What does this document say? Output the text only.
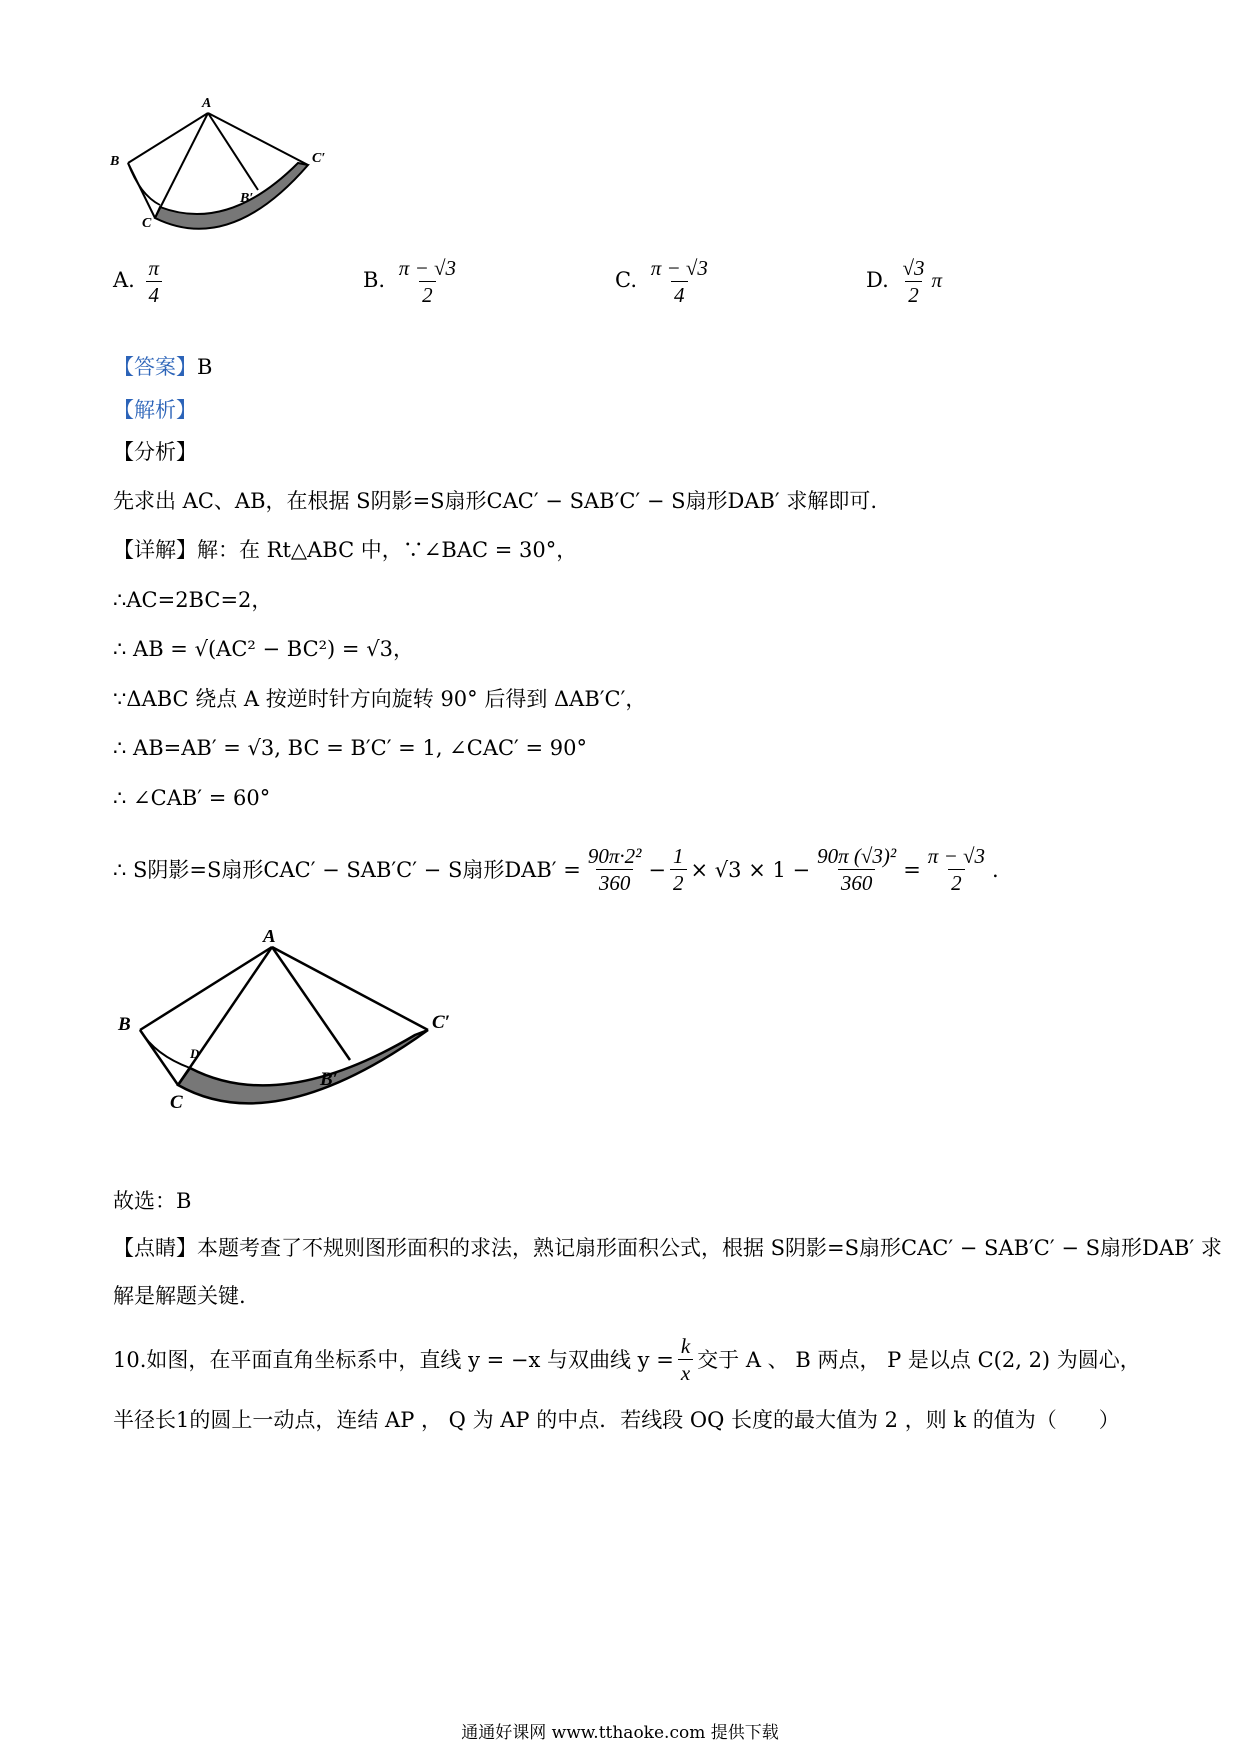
A
B
C
C′
B′
A. $\frac{\pi}{4}$	B. $\frac{\pi - √3}{2}$	C. $\frac{\pi - √3}{4}$	D. $\frac{√3}{2}$ π
【答案】B
【解析】
【分析】
先求出 AC、AB，在根据 S阴影=S扇形CAC′ − SAB′C′ − S扇形DAB′ 求解即可.
【详解】解：在 Rt△ABC 中，∵∠BAC = 30°，
∴AC=2BC=2，
∴ AB = √(AC² − BC²) = √3，
∵ΔABC 绕点 A 按逆时针方向旋转 90° 后得到 ΔAB′C′，
∴ AB=AB′ = √3, BC = B′C′ = 1, ∠CAC′ = 90°
∴ ∠CAB′ = 60°
∴ S阴影=S扇形CAC′ − SAB′C′ − S扇形$DAB' = \frac{\text{90π·2²}}{360} - \frac{1}{2} \times √3 \times 1 - \frac{\text{90π (√3)²}}{360} = \frac{\pi - √3}{2}$ .
A
B
C
D
C′
B′
故选：B
【点睛】本题考查了不规则图形面积的求法，熟记扇形面积公式，根据 S阴影=S扇形CAC′ − SAB′C′ − S扇形DAB′ 求
解是解题关键.
10.如图，在平面直角坐标系中，直线 y = −x 与双曲线 $y = \frac{k}{x}$ 交于 A 、 B 两点， P 是以点 C(2, 2) 为圆心，
半径长1的圆上一动点，连结 AP ， Q 为 AP 的中点．若线段 OQ 长度的最大值为 2 ，则 k 的值为（　　）
通通好课网 www.tthaoke.com 提供下载
